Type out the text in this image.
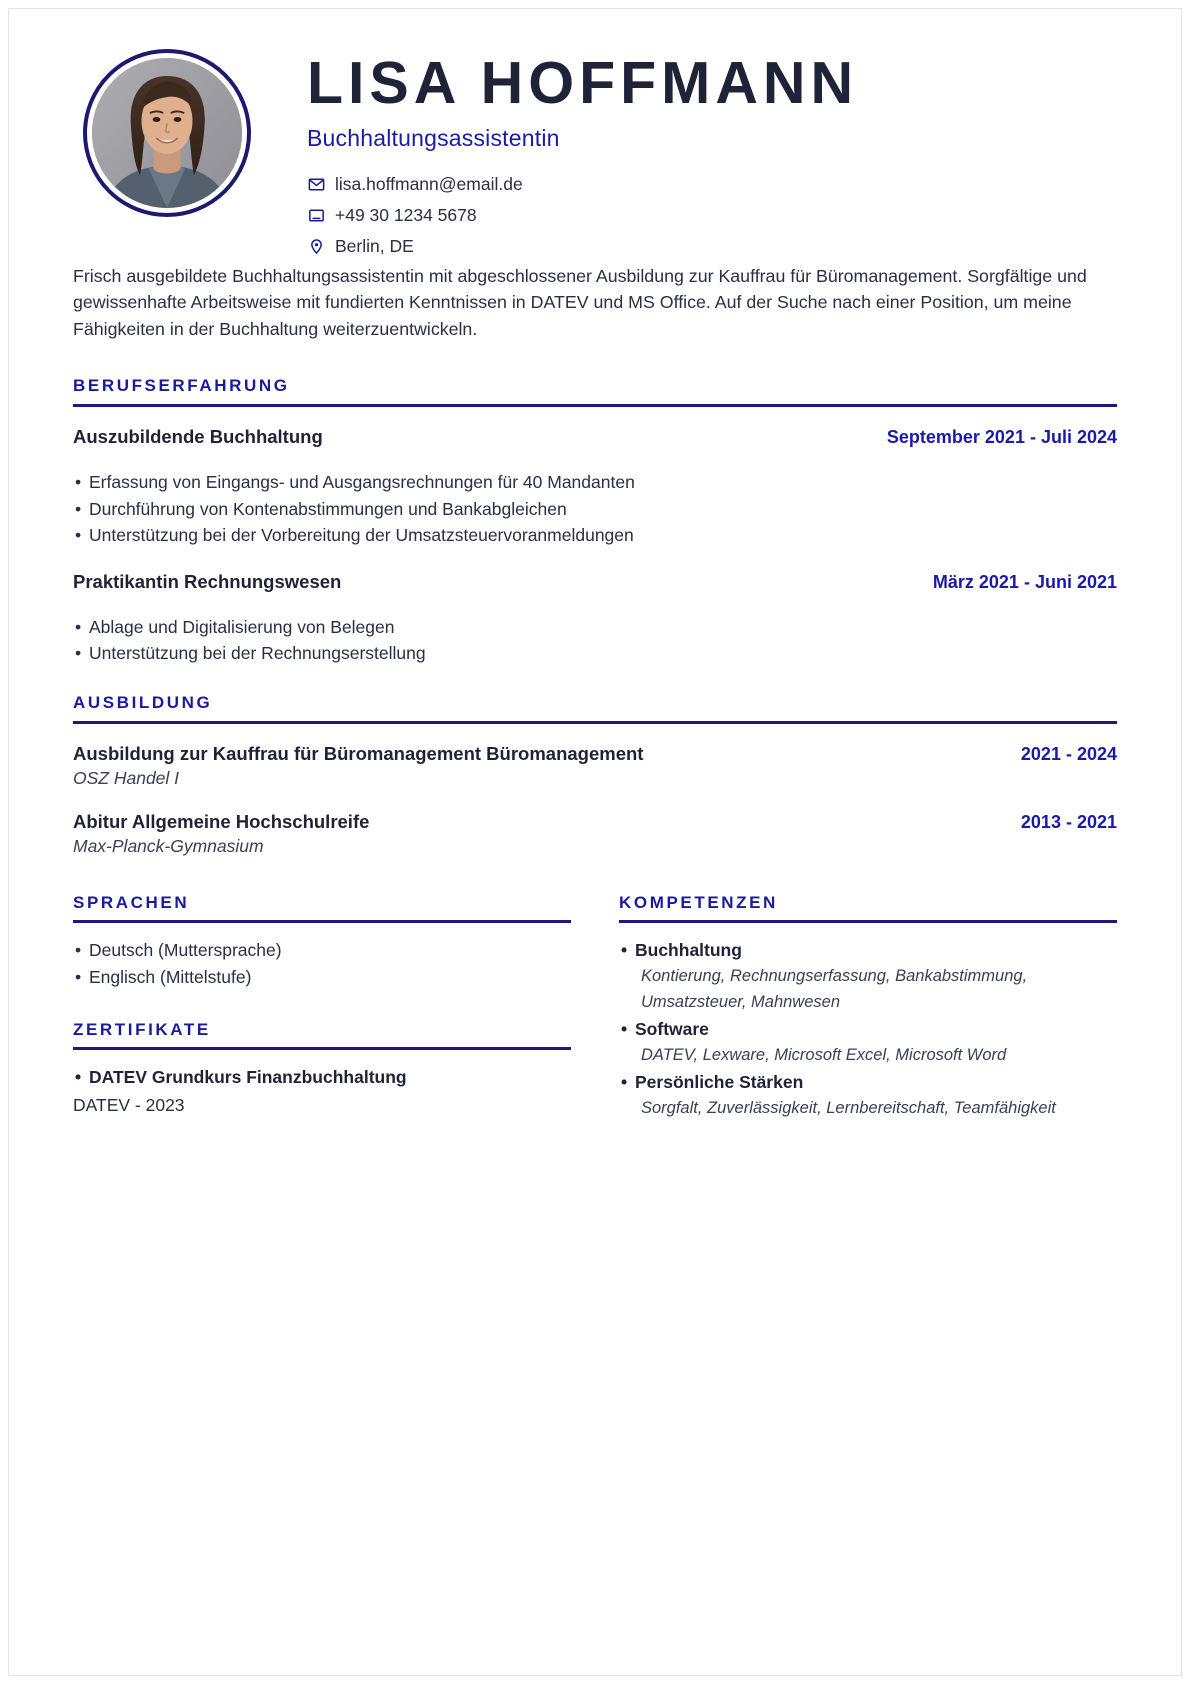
LISA HOFFMANN
Buchhaltungsassistentin
lisa.hoffmann@email.de
+49 30 1234 5678
Berlin, DE
Frisch ausgebildete Buchhaltungsassistentin mit abgeschlossener Ausbildung zur Kauffrau für Büromanagement. Sorgfältige und gewissenhafte Arbeitsweise mit fundierten Kenntnissen in DATEV und MS Office. Auf der Suche nach einer Position, um meine Fähigkeiten in der Buchhaltung weiterzuentwickeln.
BERUFSERFAHRUNG
Auszubildende Buchhaltung	September 2021 - Juli 2024
• Erfassung von Eingangs- und Ausgangsrechnungen für 40 Mandanten
• Durchführung von Kontenabstimmungen und Bankabgleichen
• Unterstützung bei der Vorbereitung der Umsatzsteuervoranmeldungen
Praktikantin Rechnungswesen	März 2021 - Juni 2021
• Ablage und Digitalisierung von Belegen
• Unterstützung bei der Rechnungserstellung
AUSBILDUNG
Ausbildung zur Kauffrau für Büromanagement Büromanagement	2021 - 2024
OSZ Handel I
Abitur Allgemeine Hochschulreife	2013 - 2021
Max-Planck-Gymnasium
SPRACHEN
• Deutsch (Muttersprache)
• Englisch (Mittelstufe)
ZERTIFIKATE
• DATEV Grundkurs Finanzbuchhaltung
DATEV - 2023
KOMPETENZEN
• Buchhaltung
Kontierung, Rechnungserfassung, Bankabstimmung, Umsatzsteuer, Mahnwesen
• Software
DATEV, Lexware, Microsoft Excel, Microsoft Word
• Persönliche Stärken
Sorgfalt, Zuverlässigkeit, Lernbereitschaft, Teamfähigkeit
